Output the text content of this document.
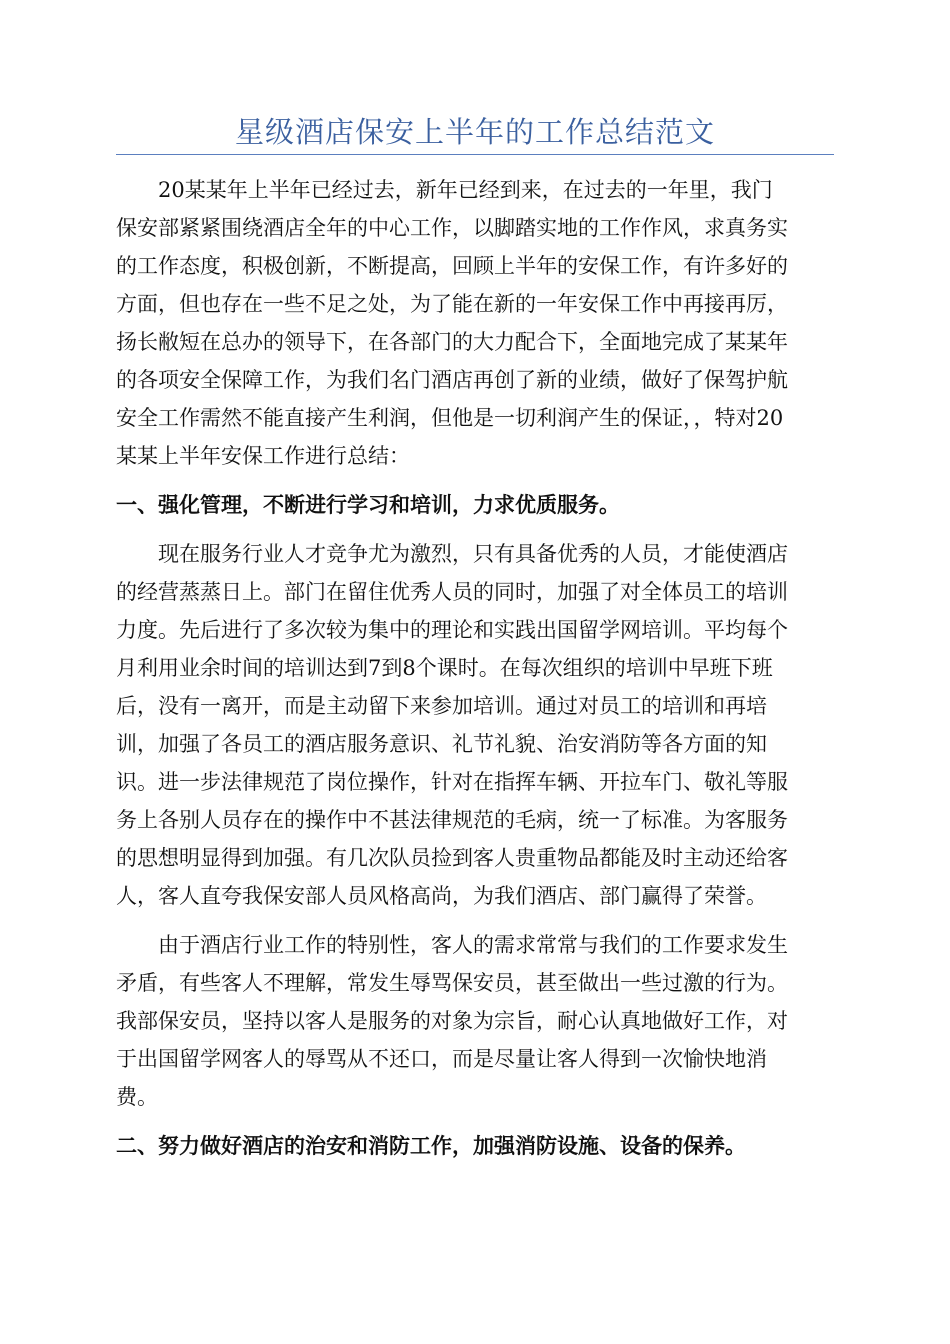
星级酒店保安上半年的工作总结范文
20某某年上半年已经过去，新年已经到来，在过去的一年里，我门
保安部紧紧围绕酒店全年的中心工作，以脚踏实地的工作作风，求真务实
的工作态度，积极创新，不断提高，回顾上半年的安保工作，有许多好的
方面，但也存在一些不足之处，为了能在新的一年安保工作中再接再厉，
扬长敝短在总办的领导下，在各部门的大力配合下，全面地完成了某某年
的各项安全保障工作，为我们名门酒店再创了新的业绩，做好了保驾护航
安全工作需然不能直接产生利润，但他是一切利润产生的保证，，特对20
某某上半年安保工作进行总结：
一、强化管理，不断进行学习和培训，力求优质服务。
现在服务行业人才竞争尤为激烈，只有具备优秀的人员，才能使酒店
的经营蒸蒸日上。部门在留住优秀人员的同时，加强了对全体员工的培训
力度。先后进行了多次较为集中的理论和实践出国留学网培训。平均每个
月利用业余时间的培训达到7到8个课时。在每次组织的培训中早班下班
后，没有一离开，而是主动留下来参加培训。通过对员工的培训和再培
训，加强了各员工的酒店服务意识、礼节礼貌、治安消防等各方面的知
识。进一步法律规范了岗位操作，针对在指挥车辆、开拉车门、敬礼等服
务上各别人员存在的操作中不甚法律规范的毛病，统一了标准。为客服务
的思想明显得到加强。有几次队员捡到客人贵重物品都能及时主动还给客
人，客人直夸我保安部人员风格高尚，为我们酒店、部门赢得了荣誉。
由于酒店行业工作的特别性，客人的需求常常与我们的工作要求发生
矛盾，有些客人不理解，常发生辱骂保安员，甚至做出一些过激的行为。
我部保安员，坚持以客人是服务的对象为宗旨，耐心认真地做好工作，对
于出国留学网客人的辱骂从不还口，而是尽量让客人得到一次愉快地消
费。
二、努力做好酒店的治安和消防工作，加强消防设施、设备的保养。
